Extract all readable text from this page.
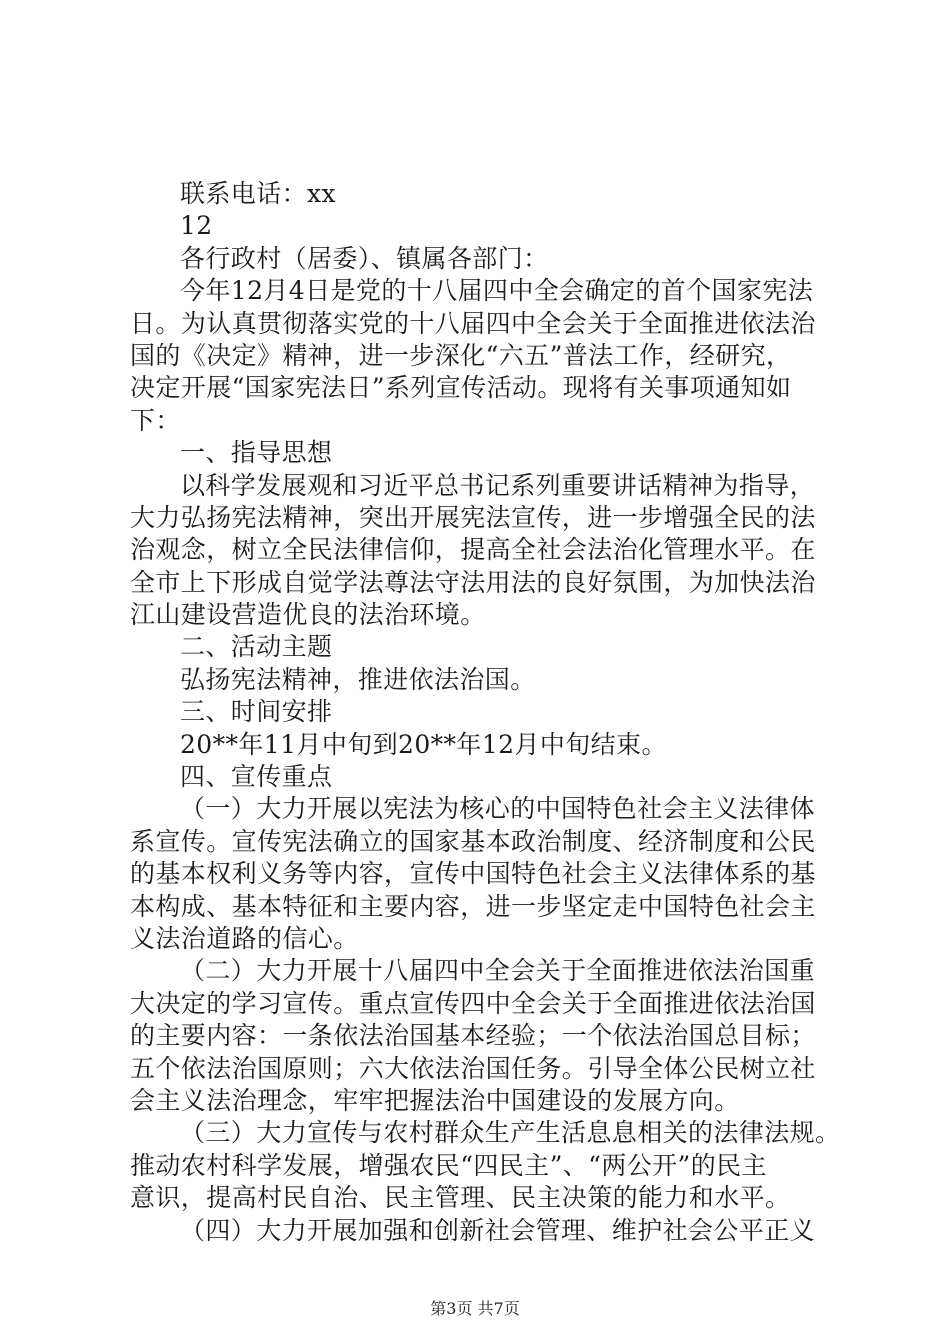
联系电话：xx
12
各行政村（居委）、镇属各部门：
今年12月4日是党的十八届四中全会确定的首个国家宪法
日。为认真贯彻落实党的十八届四中全会关于全面推进依法治
国的《决定》精神，进一步深化“六五”普法工作，经研究，
决定开展“国家宪法日”系列宣传活动。现将有关事项通知如
下：
一、指导思想
以科学发展观和习近平总书记系列重要讲话精神为指导，
大力弘扬宪法精神，突出开展宪法宣传，进一步增强全民的法
治观念，树立全民法律信仰，提高全社会法治化管理水平。在
全市上下形成自觉学法尊法守法用法的良好氛围，为加快法治
江山建设营造优良的法治环境。
二、活动主题
弘扬宪法精神，推进依法治国。
三、时间安排
20**年11月中旬到20**年12月中旬结束。
四、宣传重点
（一）大力开展以宪法为核心的中国特色社会主义法律体
系宣传。宣传宪法确立的国家基本政治制度、经济制度和公民
的基本权利义务等内容，宣传中国特色社会主义法律体系的基
本构成、基本特征和主要内容，进一步坚定走中国特色社会主
义法治道路的信心。
（二）大力开展十八届四中全会关于全面推进依法治国重
大决定的学习宣传。重点宣传四中全会关于全面推进依法治国
的主要内容：一条依法治国基本经验；一个依法治国总目标；
五个依法治国原则；六大依法治国任务。引导全体公民树立社
会主义法治理念，牢牢把握法治中国建设的发展方向。
（三）大力宣传与农村群众生产生活息息相关的法律法规。
推动农村科学发展，增强农民“四民主”、“两公开”的民主
意识，提高村民自治、民主管理、民主决策的能力和水平。
（四）大力开展加强和创新社会管理、维护社会公平正义
第3页 共7页
